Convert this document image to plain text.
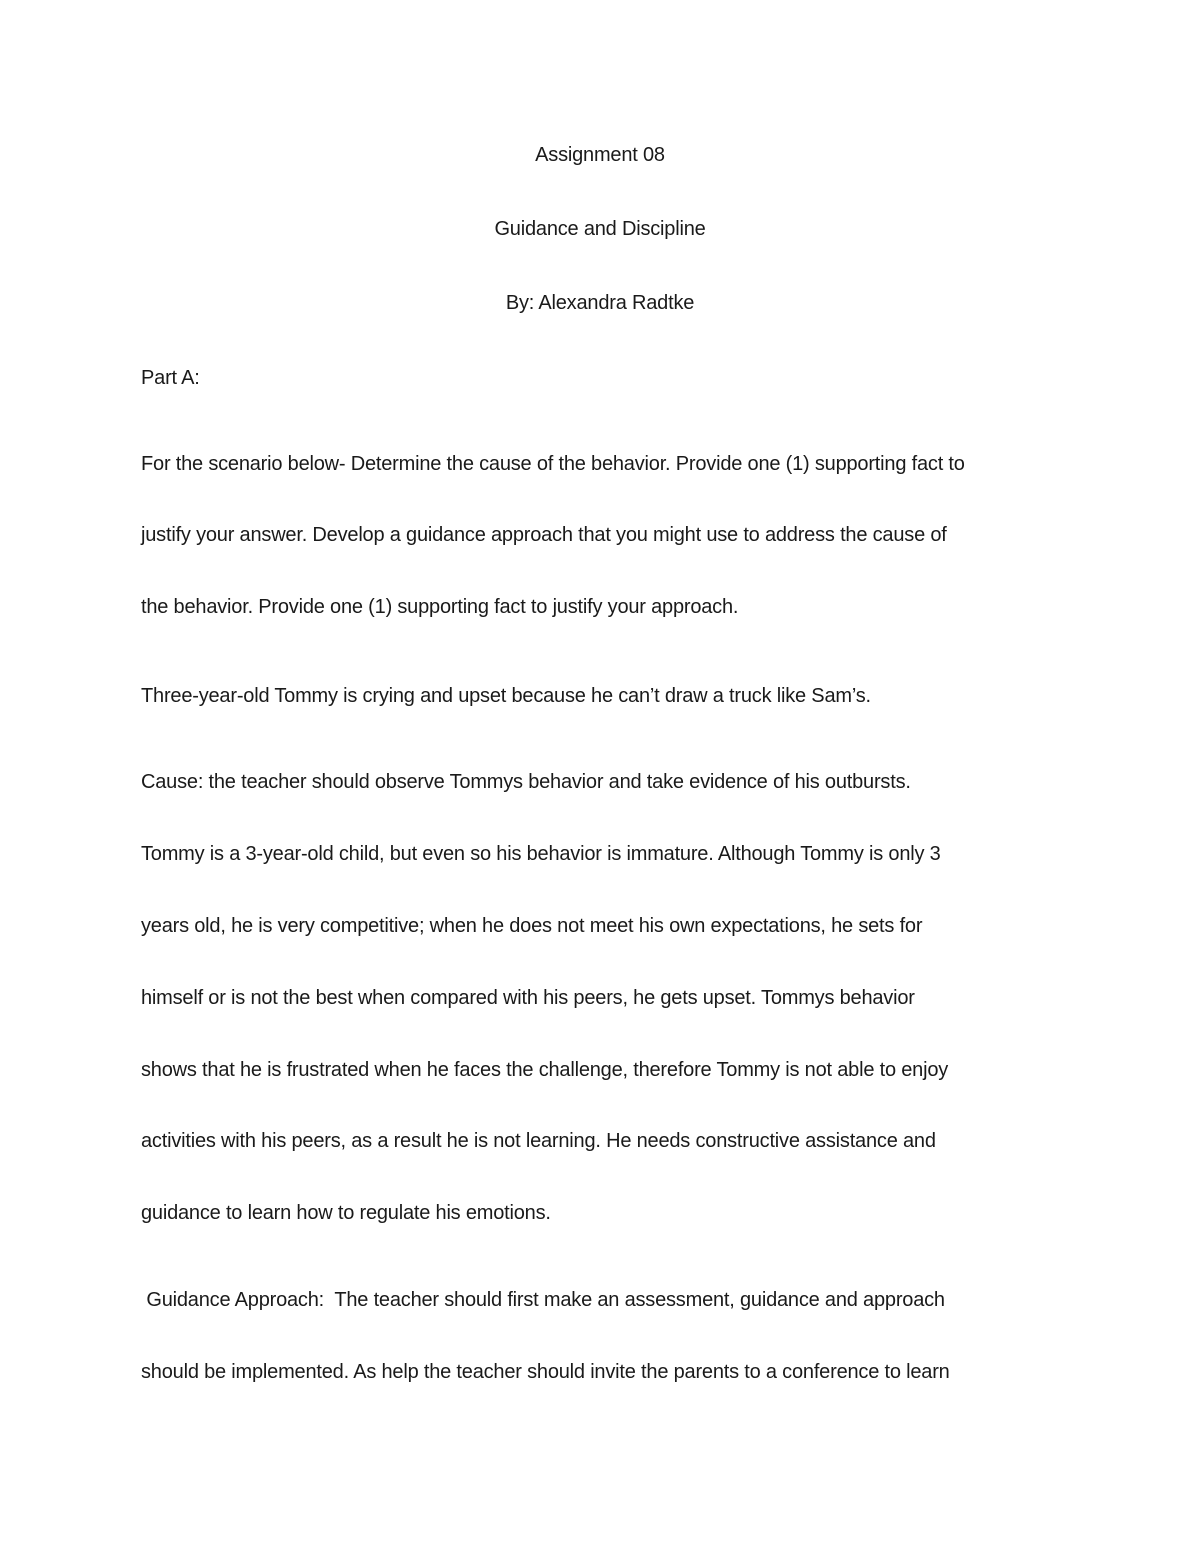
Assignment 08
Guidance and Discipline
By: Alexandra Radtke
Part A:
For the scenario below- Determine the cause of the behavior. Provide one (1) supporting fact to
justify your answer. Develop a guidance approach that you might use to address the cause of
the behavior. Provide one (1) supporting fact to justify your approach.
Three-year-old Tommy is crying and upset because he can’t draw a truck like Sam’s.
Cause: the teacher should observe Tommys behavior and take evidence of his outbursts.
Tommy is a 3-year-old child, but even so his behavior is immature. Although Tommy is only 3
years old, he is very competitive; when he does not meet his own expectations, he sets for
himself or is not the best when compared with his peers, he gets upset. Tommys behavior
shows that he is frustrated when he faces the challenge, therefore Tommy is not able to enjoy
activities with his peers, as a result he is not learning. He needs constructive assistance and
guidance to learn how to regulate his emotions.
Guidance Approach:  The teacher should first make an assessment, guidance and approach
should be implemented. As help the teacher should invite the parents to a conference to learn
